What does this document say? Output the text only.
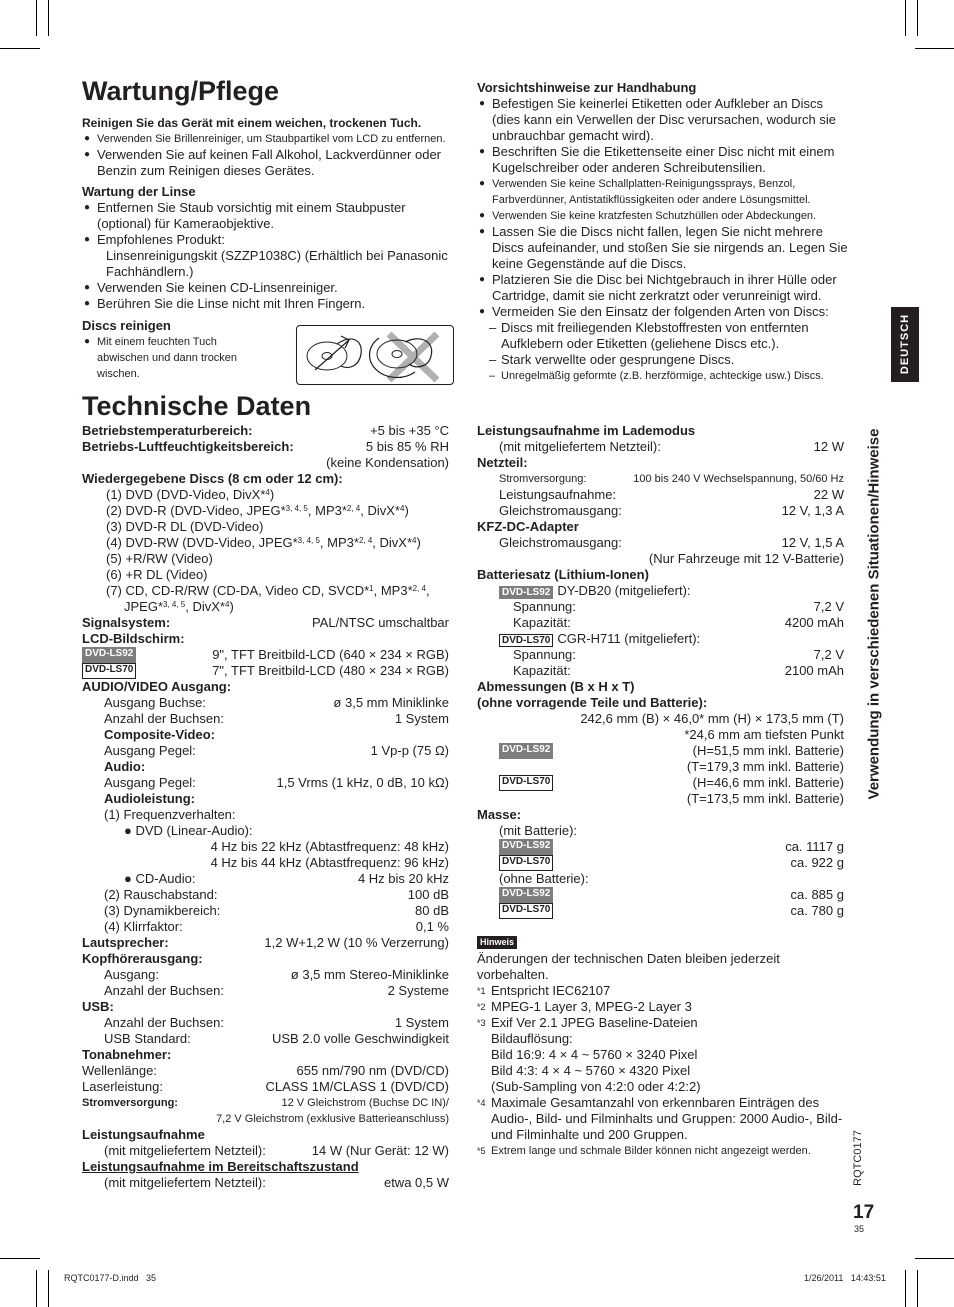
Wartung/Pflege
Reinigen Sie das Gerät mit einem weichen, trockenen Tuch.
● Verwenden Sie Brillenreiniger, um Staubpartikel vom LCD zu entfernen.
● Verwenden Sie auf keinen Fall Alkohol, Lackverdünner oder Benzin zum Reinigen dieses Gerätes.
Wartung der Linse
● Entfernen Sie Staub vorsichtig mit einem Staubpuster (optional) für Kameraobjektive.
● Empfohlenes Produkt:
Linsenreinigungskit (SZZP1038C) (Erhältlich bei Panasonic Fachhändlern.)
● Verwenden Sie keinen CD-Linsenreiniger.
● Berühren Sie die Linse nicht mit Ihren Fingern.
Discs reinigen
● Mit einem feuchten Tuch abwischen und dann trocken wischen.
Vorsichtshinweise zur Handhabung
● Befestigen Sie keinerlei Etiketten oder Aufkleber an Discs (dies kann ein Verwellen der Disc verursachen, wodurch sie unbrauchbar gemacht wird).
● Beschriften Sie die Etikettenseite einer Disc nicht mit einem Kugelschreiber oder anderen Schreibutensilien.
● Verwenden Sie keine Schallplatten-Reinigungssprays, Benzol, Farbverdünner, Antistatikflüssigkeiten oder andere Lösungsmittel.
● Verwenden Sie keine kratzfesten Schutzhüllen oder Abdeckungen.
● Lassen Sie die Discs nicht fallen, legen Sie nicht mehrere Discs aufeinander, und stoßen Sie sie nirgends an. Legen Sie keine Gegenstände auf die Discs.
● Platzieren Sie die Disc bei Nichtgebrauch in ihrer Hülle oder Cartridge, damit sie nicht zerkratzt oder verunreinigt wird.
● Vermeiden Sie den Einsatz der folgenden Arten von Discs:
– Discs mit freiliegenden Klebstoffresten von entfernten Aufklebern oder Etiketten (geliehene Discs etc.).
– Stark verwellte oder gesprungene Discs.
– Unregelmäßig geformte (z.B. herzförmige, achteckige usw.) Discs.
Technische Daten
Betriebstemperaturbereich:	+5 bis +35 °C
Betriebs-Luftfeuchtigkeitsbereich:	5 bis 85 % RH
(keine Kondensation)
Wiedergegebene Discs (8 cm oder 12 cm):
(1) DVD (DVD-Video, DivX*$^4$)
(2) DVD-R (DVD-Video, JPEG*$^{3, 4, 5}$, MP3*$^{2, 4}$, DivX*$^4$)
(3) DVD-R DL (DVD-Video)
(4) DVD-RW (DVD-Video, JPEG*$^{3, 4, 5}$, MP3*$^{2, 4}$, DivX*$^4$)
(5) +R/RW (Video)
(6) +R DL (Video)
(7) CD, CD-R/RW (CD-DA, Video CD, SVCD*$^1$, MP3*$^{2, 4}$,
JPEG*$^{3, 4, 5}$, DivX*$^4$)
Signalsystem:	PAL/NTSC umschaltbar
LCD-Bildschirm:
DVD-LS92	9", TFT Breitbild-LCD (640 × 234 × RGB)
DVD-LS70	7", TFT Breitbild-LCD (480 × 234 × RGB)
AUDIO/VIDEO Ausgang:
Ausgang Buchse:	ø 3,5 mm Miniklinke
Anzahl der Buchsen:	1 System
Composite-Video:
Ausgang Pegel:	1 Vp-p (75 Ω)
Audio:
Ausgang Pegel:	1,5 Vrms (1 kHz, 0 dB, 10 kΩ)
Audioleistung:
(1) Frequenzverhalten:
● DVD (Linear-Audio):
4 Hz bis 22 kHz (Abtastfrequenz: 48 kHz)
4 Hz bis 44 kHz (Abtastfrequenz: 96 kHz)
● CD-Audio:	4 Hz bis 20 kHz
(2) Rauschabstand:	100 dB
(3) Dynamikbereich:	80 dB
(4) Klirrfaktor:	0,1 %
Lautsprecher:	1,2 W+1,2 W (10 % Verzerrung)
Kopfhörerausgang:
Ausgang:	ø 3,5 mm Stereo-Miniklinke
Anzahl der Buchsen:	2 Systeme
USB:
Anzahl der Buchsen:	1 System
USB Standard:	USB 2.0 volle Geschwindigkeit
Tonabnehmer:
Wellenlänge:	655 nm/790 nm (DVD/CD)
Laserleistung:	CLASS 1M/CLASS 1 (DVD/CD)
Stromversorgung:	12 V Gleichstrom (Buchse DC IN)/
7,2 V Gleichstrom (exklusive Batterieanschluss)
Leistungsaufnahme
(mit mitgeliefertem Netzteil):	14 W (Nur Gerät: 12 W)
Leistungsaufnahme im Bereitschaftszustand
(mit mitgeliefertem Netzteil):	etwa 0,5 W
Leistungsaufnahme im Lademodus
(mit mitgeliefertem Netzteil):	12 W
Netzteil:
Stromversorgung:	100 bis 240 V Wechselspannung, 50/60 Hz
Leistungsaufnahme:	22 W
Gleichstromausgang:	12 V, 1,3 A
KFZ-DC-Adapter
Gleichstromausgang:	12 V, 1,5 A
(Nur Fahrzeuge mit 12 V-Batterie)
Batteriesatz (Lithium-Ionen)
DVD-LS92 DY-DB20 (mitgeliefert):
Spannung:	7,2 V
Kapazität:	4200 mAh
DVD-LS70 CGR-H711 (mitgeliefert):
Spannung:	7,2 V
Kapazität:	2100 mAh
Abmessungen (B x H x T)
(ohne vorragende Teile und Batterie):
242,6 mm (B) × 46,0* mm (H) × 173,5 mm (T)
*24,6 mm am tiefsten Punkt
DVD-LS92	(H=51,5 mm inkl. Batterie)
(T=179,3 mm inkl. Batterie)
DVD-LS70	(H=46,6 mm inkl. Batterie)
(T=173,5 mm inkl. Batterie)
Masse:
(mit Batterie):
DVD-LS92	ca. 1117 g
DVD-LS70	ca. 922 g
(ohne Batterie):
DVD-LS92	ca. 885 g
DVD-LS70	ca. 780 g
Hinweis
Änderungen der technischen Daten bleiben jederzeit vorbehalten.
*1 Entspricht IEC62107
*2 MPEG-1 Layer 3, MPEG-2 Layer 3
*3 Exif Ver 2.1 JPEG Baseline-Dateien
Bildauflösung:
Bild 16:9: 4 × 4 ~ 5760 × 3240 Pixel
Bild 4:3: 4 × 4 ~ 5760 × 4320 Pixel
(Sub-Sampling von 4:2:0 oder 4:2:2)
*4 Maximale Gesamtanzahl von erkennbaren Einträgen des Audio-, Bild- und Filminhalts und Gruppen: 2000 Audio-, Bild- und Filminhalte und 200 Gruppen.
*5 Extrem lange und schmale Bilder können nicht angezeigt werden.
DEUTSCH
Verwendung in verschiedenen Situationen/Hinweise
RQTC0177
17
35
RQTC0177-D.indd   35	1/26/2011   14:43:51
